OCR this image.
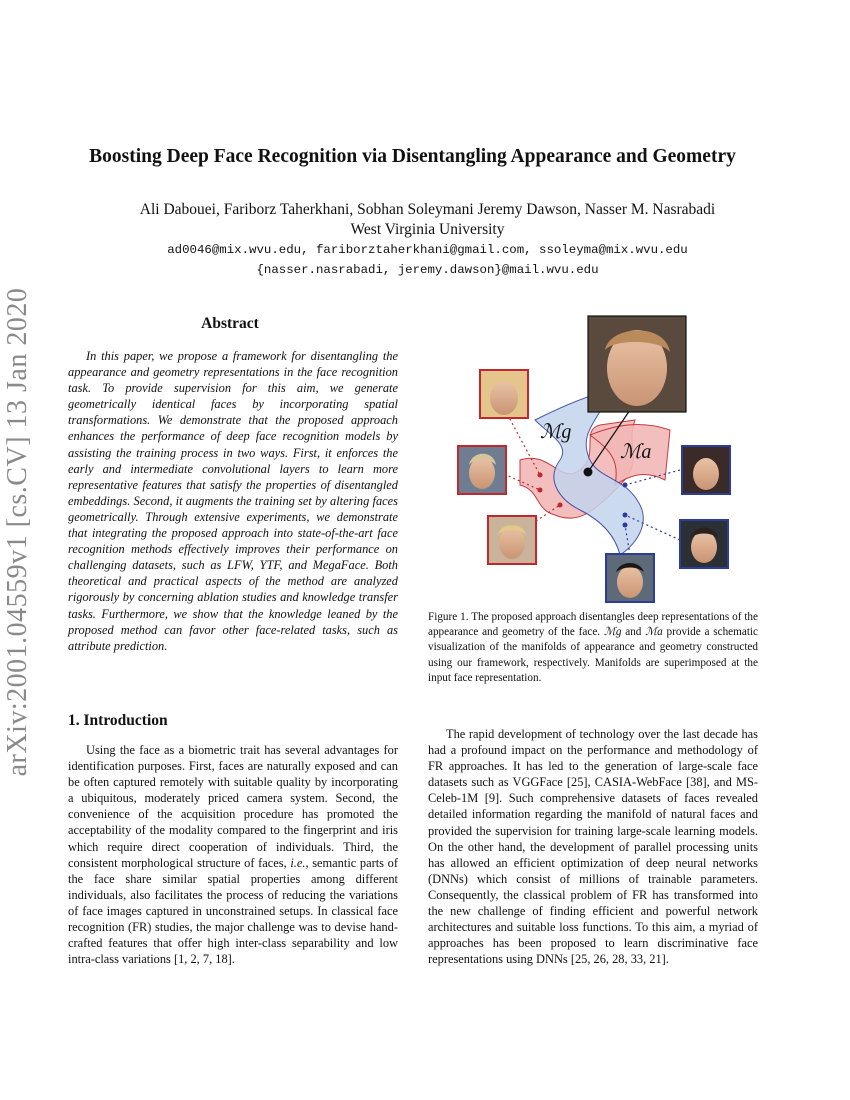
arXiv:2001.04559v1 [cs.CV] 13 Jan 2020
Boosting Deep Face Recognition via Disentangling Appearance and Geometry
Ali Dabouei, Fariborz Taherkhani, Sobhan Soleymani Jeremy Dawson, Nasser M. Nasrabadi
West Virginia University
ad0046@mix.wvu.edu, fariborztaherkhani@gmail.com, ssoleyma@mix.wvu.edu
{nasser.nasrabadi, jeremy.dawson}@mail.wvu.edu
Abstract

In this paper, we propose a framework for disentangling the appearance and geometry representations in the face recognition task. To provide supervision for this aim, we generate geometrically identical faces by incorporating spatial transformations. We demonstrate that the proposed approach enhances the performance of deep face recognition models by assisting the training process in two ways. First, it enforces the early and intermediate convolutional layers to learn more representative features that satisfy the properties of disentangled embeddings. Second, it augments the training set by altering faces geometrically. Through extensive experiments, we demonstrate that integrating the proposed approach into state-of-the-art face recognition methods effectively improves their performance on challenging datasets, such as LFW, YTF, and MegaFace. Both theoretical and practical aspects of the method are analyzed rigorously by concerning ablation studies and knowledge transfer tasks. Furthermore, we show that the knowledge leaned by the proposed method can favor other face-related tasks, such as attribute prediction.

1. Introduction

Using the face as a biometric trait has several advantages for identification purposes. First, faces are naturally exposed and can be often captured remotely with suitable quality by incorporating a ubiquitous, moderately priced camera system. Second, the convenience of the acquisition procedure has promoted the acceptability of the modality compared to the fingerprint and iris which require direct cooperation of individuals. Third, the consistent morphological structure of faces, i.e., semantic parts of the face share similar spatial properties among different individuals, also facilitates the process of reducing the variations of face images captured in unconstrained setups. In classical face recognition (FR) studies, the major challenge was to devise hand-crafted features that offer high inter-class separability and low intra-class variations [1, 2, 7, 18].

The rapid development of technology over the last decade has had a profound impact on the performance and methodology of FR approaches. It has led to the generation of large-scale face datasets such as VGGFace [25], CASIA-WebFace [38], and MS-Celeb-1M [9]. Such comprehensive datasets of faces revealed detailed information regarding the manifold of natural faces and provided the supervision for training large-scale learning models. On the other hand, the development of parallel processing units has allowed an efficient optimization of deep neural networks (DNNs) which consist of millions of trainable parameters. Consequently, the classical problem of FR has transformed into the new challenge of finding efficient and powerful network architectures and suitable loss functions. To this aim, a myriad of approaches has been proposed to learn discriminative face representations using DNNs [25, 26, 28, 33, 21].

ℳg
ℳa

Figure 1. The proposed approach disentangles deep representations of the appearance and geometry of the face. ℳg and ℳa provide a schematic visualization of the manifolds of appearance and geometry constructed using our framework, respectively. Manifolds are superimposed at the input face representation.
